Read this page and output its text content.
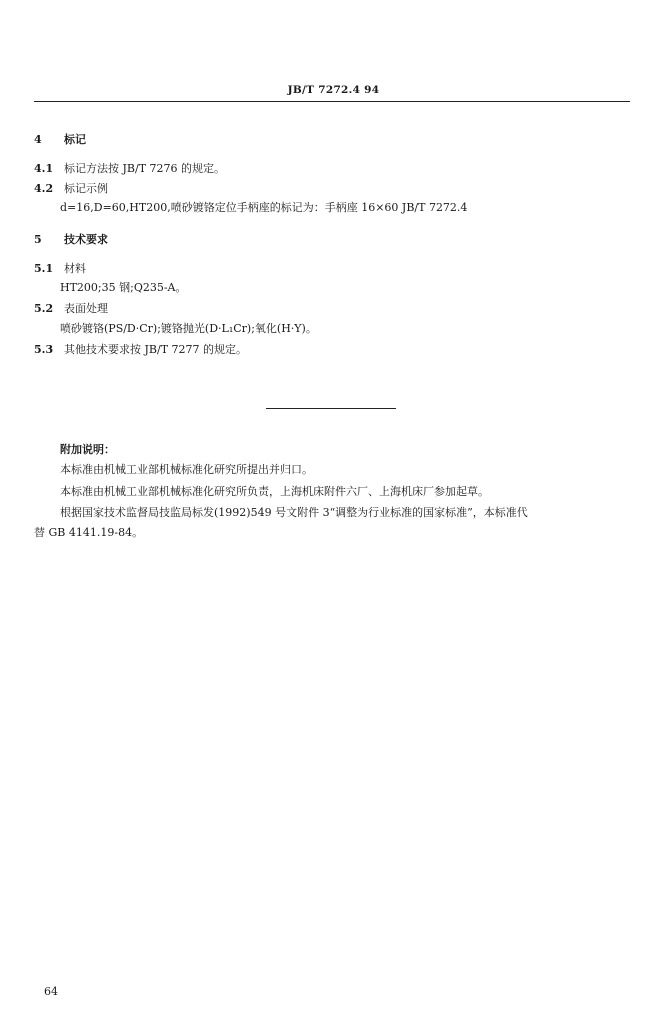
JB/T 7272.4 94
4 标记
4.1 标记方法按 JB/T 7276 的规定。
4.2 标记示例
d=16,D=60,HT200,喷砂镀铬定位手柄座的标记为：手柄座 16×60 JB/T 7272.4
5 技术要求
5.1 材料
HT200;35 钢;Q235-A。
5.2 表面处理
喷砂镀铬(PS/D·Cr);镀铬抛光(D·L₁Cr);氧化(H·Y)。
5.3 其他技术要求按 JB/T 7277 的规定。
附加说明：
本标准由机械工业部机械标准化研究所提出并归口。
本标准由机械工业部机械标准化研究所负责，上海机床附件六厂、上海机床厂参加起草。
根据国家技术监督局技监局标发(1992)549 号文附件 3“调整为行业标准的国家标准”，本标准代
替 GB 4141.19-84。
64
